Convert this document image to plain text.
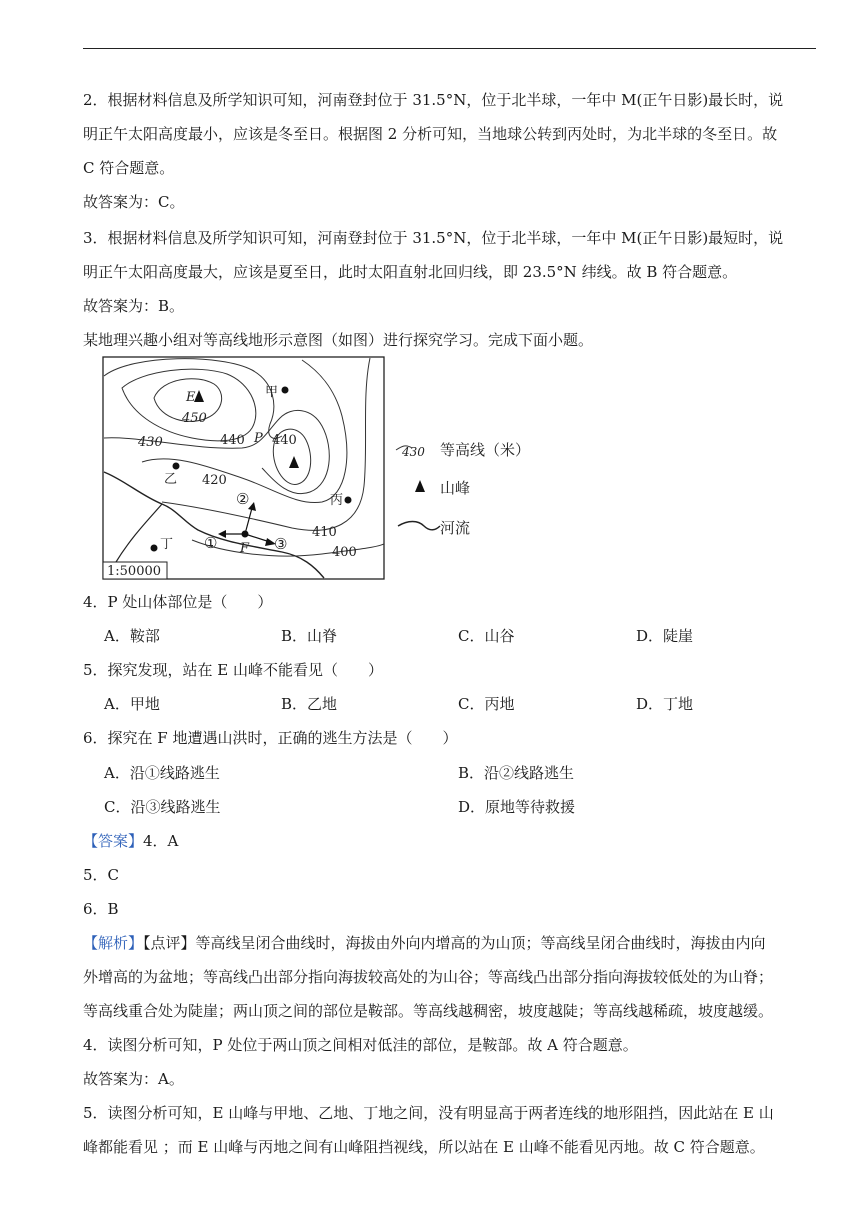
2．根据材料信息及所学知识可知，河南登封位于 31.5°N，位于北半球，一年中 M(正午日影)最长时，说
明正午太阳高度最小，应该是冬至日。根据图 2 分析可知，当地球公转到丙处时，为北半球的冬至日。故
C 符合题意。
故答案为：C。
3．根据材料信息及所学知识可知，河南登封位于 31.5°N，位于北半球，一年中 M(正午日影)最短时，说
明正午太阳高度最大，应该是夏至日，此时太阳直射北回归线，即 23.5°N 纬线。故 B 符合题意。
故答案为：B。
某地理兴趣小组对等高线地形示意图（如图）进行探究学习。完成下面小题。
450
440 440
430
420
410
400
E
P
甲
乙
丙
丁	F
①
②
③
1:50000
430 等高线（米）
山峰
河流
4．P 处山体部位是（　　）
A．鞍部	B．山脊	C．山谷	D．陡崖
5．探究发现，站在 E 山峰不能看见（　　）
A．甲地	B．乙地	C．丙地	D．丁地
6．探究在 F 地遭遇山洪时，正确的逃生方法是（　　）
A．沿①线路逃生	B．沿②线路逃生
C．沿③线路逃生	D．原地等待救援
【答案】4．A
5．C
6．B
【解析】【点评】等高线呈闭合曲线时，海拔由外向内增高的为山顶；等高线呈闭合曲线时，海拔由内向
外增高的为盆地；等高线凸出部分指向海拔较高处的为山谷；等高线凸出部分指向海拔较低处的为山脊；
等高线重合处为陡崖；两山顶之间的部位是鞍部。等高线越稠密，坡度越陡；等高线越稀疏，坡度越缓。
4．读图分析可知，P 处位于两山顶之间相对低洼的部位，是鞍部。故 A 符合题意。
故答案为：A。
5．读图分析可知，E 山峰与甲地、乙地、丁地之间，没有明显高于两者连线的地形阻挡，因此站在 E 山
峰都能看见 ；而 E 山峰与丙地之间有山峰阻挡视线，所以站在 E 山峰不能看见丙地。故 C 符合题意。
